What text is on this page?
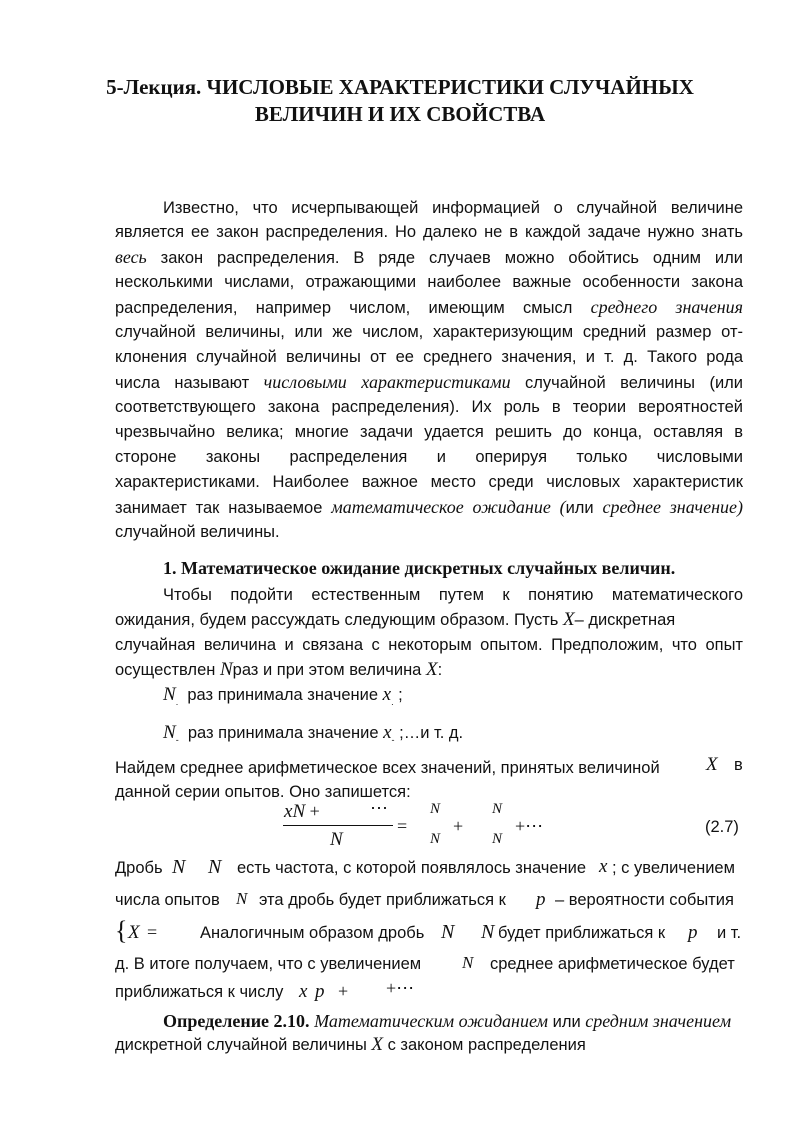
5-Лекция. ЧИСЛОВЫЕ ХАРАКТЕРИСТИКИ СЛУЧАЙНЫХ
ВЕЛИЧИН И ИХ СВОЙСТВА
Известно, что исчерпывающей информацией о случайной величине
является ее закон распределения. Но далеко не в каждой задаче нужно знать
весь закон распределения. В ряде случаев можно обойтись одним или
несколькими числами, отражающими наиболее важные особенности закона
распределения, например числом, имеющим смысл среднего значения
случайной величины, или же числом, характеризующим средний размер от-
клонения случайной величины от ее среднего значения, и т. д. Такого рода
числа называют числовыми характеристиками случайной величины (или
соответствующего закона распределения). Их роль в теории вероятностей
чрезвычайно велика; многие задачи удается решить до конца, оставляя в
стороне законы распределения и оперируя только числовыми
характеристиками. Наиболее важное место среди числовых характеристик
занимает так называемое математическое ожидание (или среднее значение)
случайной величины.
1. Математическое ожидание дискретных случайных величин.
Чтобы подойти естественным путем к понятию математического
ожидания, будем рассуждать следующим образом. Пусть X– дискретная
случайная величина и связана с некоторым опытом. Предположим, что опыт
осуществлен Nраз и при этом величина X:
$N_.$ раз принимала значение $x_.$ ;
$N_-$ раз принимала значение $x_-$ ;…и т. д.
Найдем среднее арифметическое всех значений, принятых величиной	X в
данной серии опытов. Оно запишется:
xN +	⋯
N
=
N
N
+
N
N
+⋯	(2.7)
Дробь N N есть частота, с которой появлялось значение x ; с увеличением
числа опытов N эта дробь будет приближаться к p – вероятности события
{ X =	Аналогичным образом дробь N N будет приближаться к p и т.
д. В итоге получаем, что с увеличением N среднее арифметическое будет
приближаться к числу x p + +⋯
Определение 2.10. Математическим ожиданием или средним значением
дискретной случайной величины X с законом распределения
